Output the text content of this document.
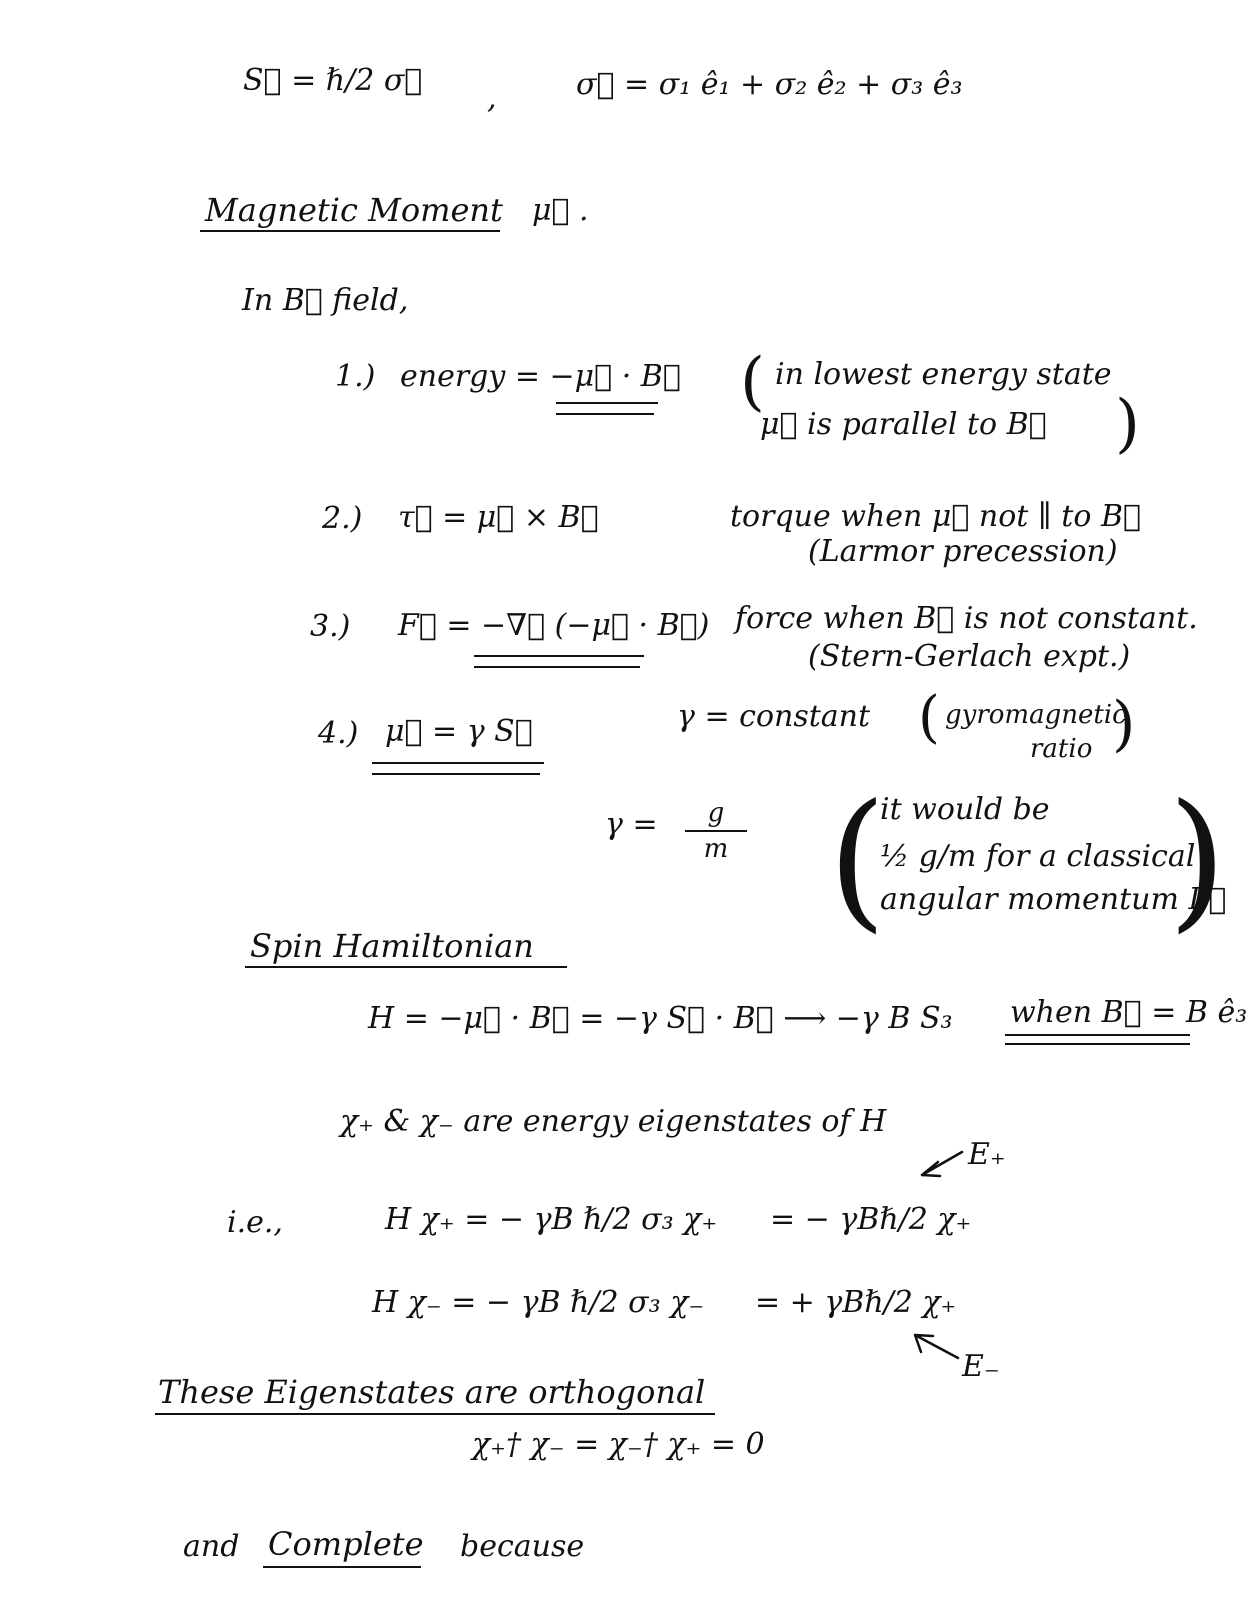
S⃗ = ℏ/2 σ⃗
,	σ⃗ = σ₁ ê₁ + σ₂ ê₂ + σ₃ ê₃
Magnetic Moment μ⃗ .
In B⃗ field,
1.) energy = −μ⃗ · B⃗ ( in lowest energy state
μ⃗ is parallel to B⃗ )
2.) τ⃗ = μ⃗ × B⃗	torque when μ⃗ not ∥ to B⃗
(Larmor precession)
3.) F⃗ = −∇⃗ (−μ⃗ · B⃗) force when B⃗ is not constant.
(Stern-Gerlach expt.)
4.) μ⃗ = γ S⃗	γ = constant ( gyromagnetic
ratio )
γ =	g
m (
it would be
½ g/m for a classical
angular momentum L⃗
)
Spin Hamiltonian
H = −μ⃗ · B⃗ = −γ S⃗ · B⃗ ⟶ −γ B S₃ when B⃗ = B ê₃
χ₊ & χ₋ are energy eigenstates of H
E₊
i.e.,	H χ₊ = − γB ℏ/2 σ₃ χ₊ = − γBℏ/2 χ₊
H χ₋ = − γB ℏ/2 σ₃ χ₋ = + γBℏ/2 χ₊
E₋
These Eigenstates are orthogonal
χ₊† χ₋ = χ₋† χ₊ = 0
and Complete because
